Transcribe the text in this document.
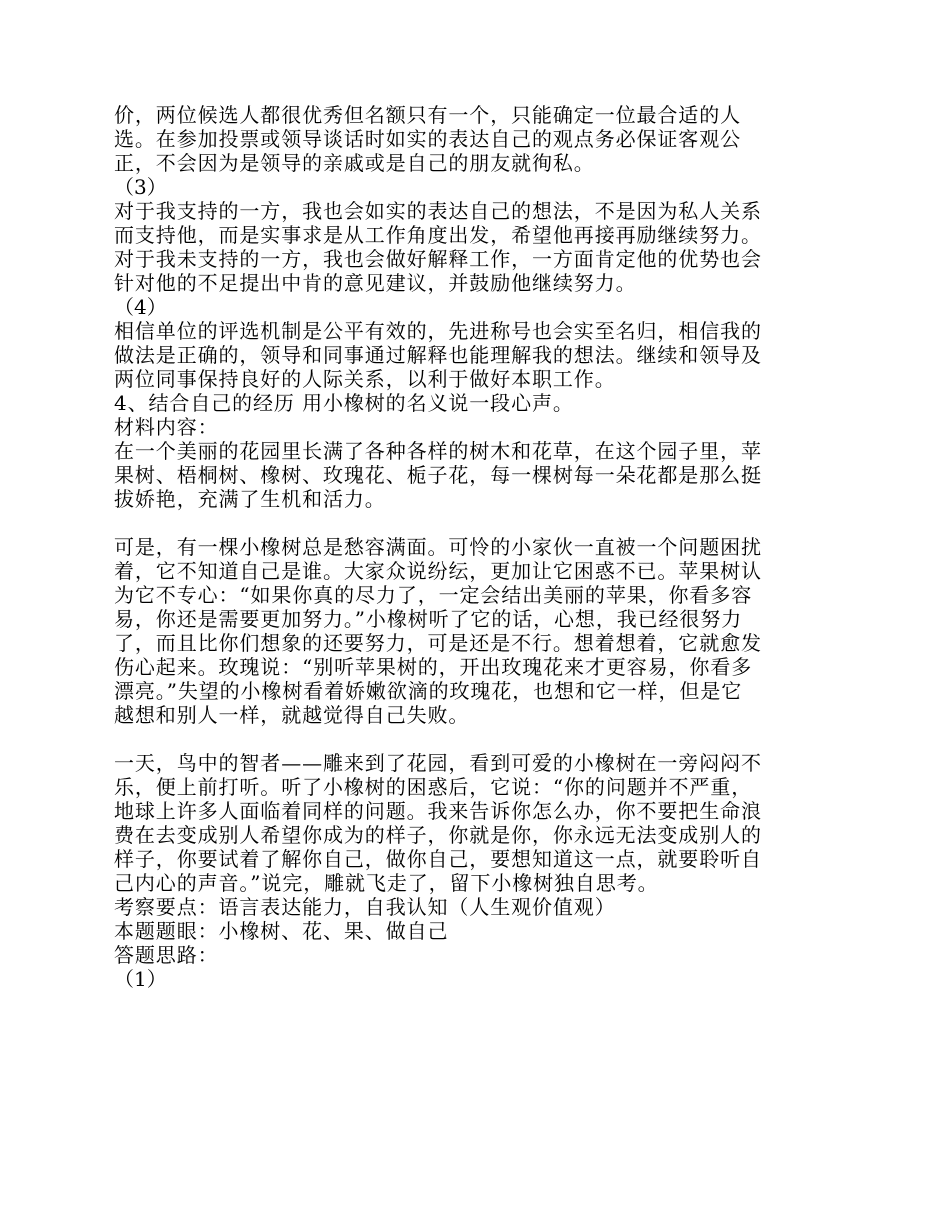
价，两位候选人都很优秀但名额只有一个，只能确定一位最合适的人
选。在参加投票或领导谈话时如实的表达自己的观点务必保证客观公
正，不会因为是领导的亲戚或是自己的朋友就徇私。
（3）
对于我支持的一方，我也会如实的表达自己的想法，不是因为私人关系
而支持他，而是实事求是从工作角度出发，希望他再接再励继续努力。
对于我未支持的一方，我也会做好解释工作，一方面肯定他的优势也会
针对他的不足提出中肯的意见建议，并鼓励他继续努力。
（4）
相信单位的评选机制是公平有效的，先进称号也会实至名归，相信我的
做法是正确的，领导和同事通过解释也能理解我的想法。继续和领导及
两位同事保持良好的人际关系，以利于做好本职工作。
4、结合自己的经历 用小橡树的名义说一段心声。
材料内容：
在一个美丽的花园里长满了各种各样的树木和花草，在这个园子里，苹
果树、梧桐树、橡树、玫瑰花、栀子花，每一棵树每一朵花都是那么挺
拔娇艳，充满了生机和活力。
可是，有一棵小橡树总是愁容满面。可怜的小家伙一直被一个问题困扰
着，它不知道自己是谁。大家众说纷纭，更加让它困惑不已。苹果树认
为它不专心：“如果你真的尽力了，一定会结出美丽的苹果，你看多容
易，你还是需要更加努力。”小橡树听了它的话，心想，我已经很努力
了，而且比你们想象的还要努力，可是还是不行。想着想着，它就愈发
伤心起来。玫瑰说：“别听苹果树的，开出玫瑰花来才更容易，你看多
漂亮。”失望的小橡树看着娇嫩欲滴的玫瑰花，也想和它一样，但是它
越想和别人一样，就越觉得自己失败。
一天，鸟中的智者——雕来到了花园，看到可爱的小橡树在一旁闷闷不
乐，便上前打听。听了小橡树的困惑后，它说：“你的问题并不严重，
地球上许多人面临着同样的问题。我来告诉你怎么办，你不要把生命浪
费在去变成别人希望你成为的样子，你就是你，你永远无法变成别人的
样子，你要试着了解你自己，做你自己，要想知道这一点，就要聆听自
己内心的声音。”说完，雕就飞走了，留下小橡树独自思考。
考察要点：语言表达能力，自我认知（人生观价值观）
本题题眼：小橡树、花、果、做自己
答题思路：
（1）
